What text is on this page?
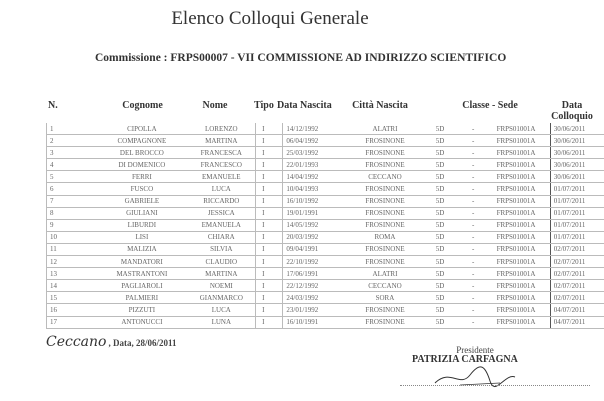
Elenco Colloqui Generale
Commissione : FRPS00007 - VII COMMISSIONE AD INDIRIZZO SCIENTIFICO
N.	Cognome	Nome	Tipo Data Nascita	Città Nascita	Classe - Sede	Data Colloquio
1	CIPOLLA	LORENZO	I	14/12/1992	ALATRI	5D	-	FRPS01001A	30/06/2011
2	COMPAGNONE	MARTINA	I	06/04/1992	FROSINONE	5D	-	FRPS01001A	30/06/2011
3	DEL BROCCO	FRANCESCA	I	25/03/1992	FROSINONE	5D	-	FRPS01001A	30/06/2011
4	DI DOMENICO	FRANCESCO	I	22/01/1993	FROSINONE	5D	-	FRPS01001A	30/06/2011
5	FERRI	EMANUELE	I	14/04/1992	CECCANO	5D	-	FRPS01001A	30/06/2011
6	FUSCO	LUCA	I	10/04/1993	FROSINONE	5D	-	FRPS01001A	01/07/2011
7	GABRIELE	RICCARDO	I	16/10/1992	FROSINONE	5D	-	FRPS01001A	01/07/2011
8	GIULIANI	JESSICA	I	19/01/1991	FROSINONE	5D	-	FRPS01001A	01/07/2011
9	LIBURDI	EMANUELA	I	14/05/1992	FROSINONE	5D	-	FRPS01001A	01/07/2011
10	LISI	CHIARA	I	20/03/1992	ROMA	5D	-	FRPS01001A	01/07/2011
11	MALIZIA	SILVIA	I	09/04/1991	FROSINONE	5D	-	FRPS01001A	02/07/2011
12	MANDATORI	CLAUDIO	I	22/10/1992	FROSINONE	5D	-	FRPS01001A	02/07/2011
13	MASTRANTONI	MARTINA	I	17/06/1991	ALATRI	5D	-	FRPS01001A	02/07/2011
14	PAGLIAROLI	NOEMI	I	22/12/1992	CECCANO	5D	-	FRPS01001A	02/07/2011
15	PALMIERI	GIANMARCO	I	24/03/1992	SORA	5D	-	FRPS01001A	02/07/2011
16	PIZZUTI	LUCA	I	23/01/1992	FROSINONE	5D	-	FRPS01001A	04/07/2011
17	ANTONUCCI	LUNA	I	16/10/1991	FROSINONE	5D	-	FRPS01001A	04/07/2011
Ceccano , Data, 28/06/2011
Presidente
PATRIZIA CARFAGNA
